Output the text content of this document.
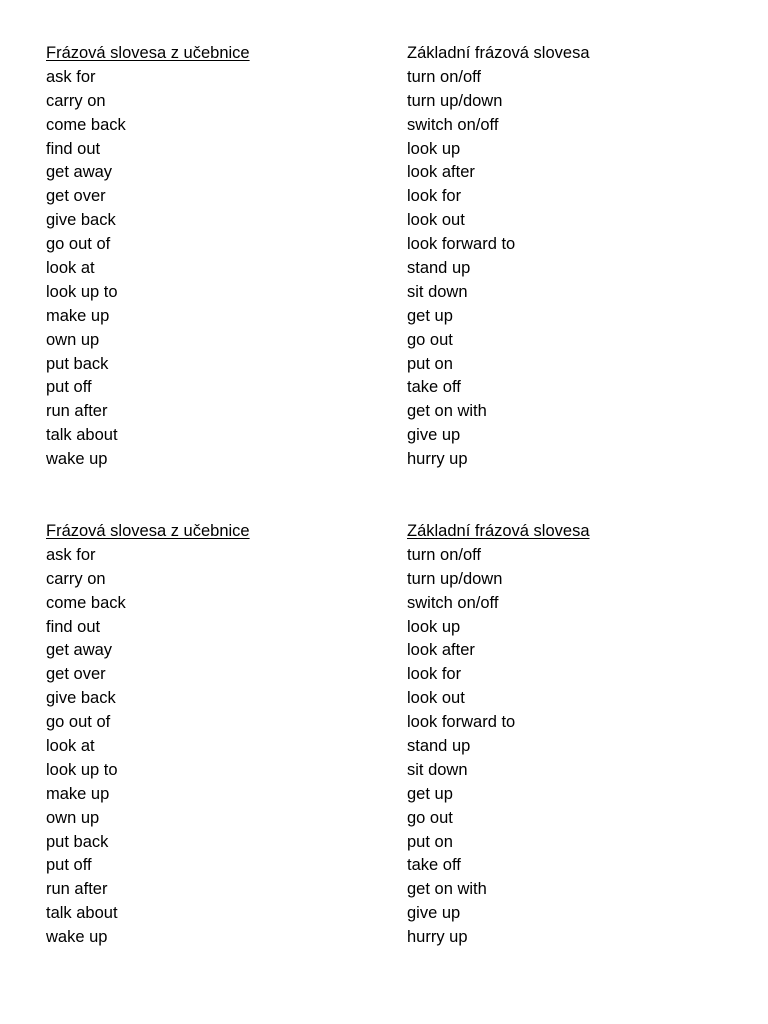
Frázová slovesa z učebnice

ask for
carry on
come back
find out
get away
get over
give back
go out of
look at
look up to
make up
own up
put back
put off
run after
talk about
wake up

Základní frázová slovesa

turn on/off
turn up/down
switch on/off
look up
look after
look for
look out
look forward to
stand up
sit down
get up
go out
put on
take off
get on with
give up
hurry up

Frázová slovesa z učebnice

ask for
carry on
come back
find out
get away
get over
give back
go out of
look at
look up to
make up
own up
put back
put off
run after
talk about
wake up

Základní frázová slovesa

turn on/off
turn up/down
switch on/off
look up
look after
look for
look out
look forward to
stand up
sit down
get up
go out
put on
take off
get on with
give up
hurry up
